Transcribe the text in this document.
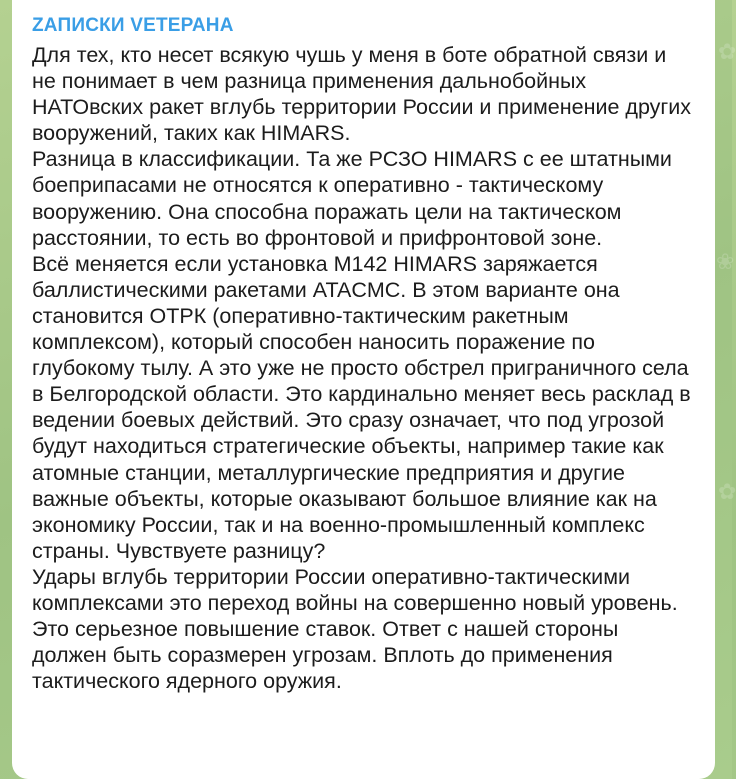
✿
❀
✿
ZАПИСКИ VЕТЕРАНА

Для тех, кто несет всякую чушь у меня в боте обратной связи и не понимает в чем разница применения дальнобойных НАТОвских ракет вглубь территории России и применение других вооружений, таких как HIMARS.

Разница в классификации. Та же РСЗО HIMARS с ее штатными боеприпасами не относятся к оперативно - тактическому вооружению. Она способна поражать цели на тактическом расстоянии, то есть во фронтовой и прифронтовой зоне.

Всё меняется если установка M142 HIMARS заряжается баллистическими ракетами ATACMC. В этом варианте она становится ОТРК (оперативно-тактическим ракетным комплексом), который способен наносить поражение по глубокому тылу. А это уже не просто обстрел приграничного села в Белгородской области. Это кардинально меняет весь расклад в ведении боевых действий. Это сразу означает, что под угрозой будут находиться стратегические объекты, например такие как атомные станции, металлургические предприятия и другие важные объекты, которые оказывают большое влияние как на экономику России, так и на военно-промышленный комплекс страны. Чувствуете разницу?

Удары вглубь территории России оперативно-тактическими комплексами это переход войны на совершенно новый уровень. Это серьезное повышение ставок. Ответ с нашей стороны должен быть соразмерен угрозам. Вплоть до применения тактического ядерного оружия.
